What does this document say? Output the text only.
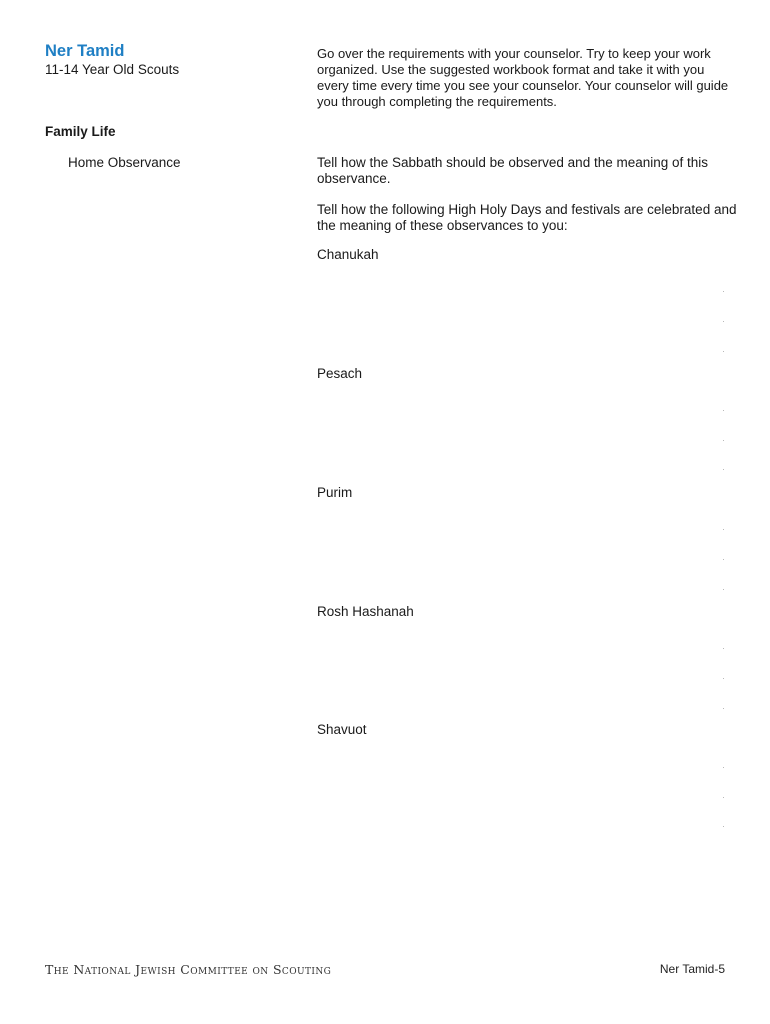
Ner Tamid
11-14 Year Old Scouts
Go over the requirements with your counselor. Try to keep your work organized. Use the suggested workbook format and take it with you every time every time you see your counselor. Your counselor will guide you through completing the requirements.
Family Life
Home Observance	Tell how the Sabbath should be observed and the meaning of this observance.
Tell how the following High Holy Days and festivals are celebrated and the meaning of these observances to you:
Chanukah
Pesach
Purim
Rosh Hashanah
Shavuot
The National Jewish Committee on Scouting	Ner Tamid-5
